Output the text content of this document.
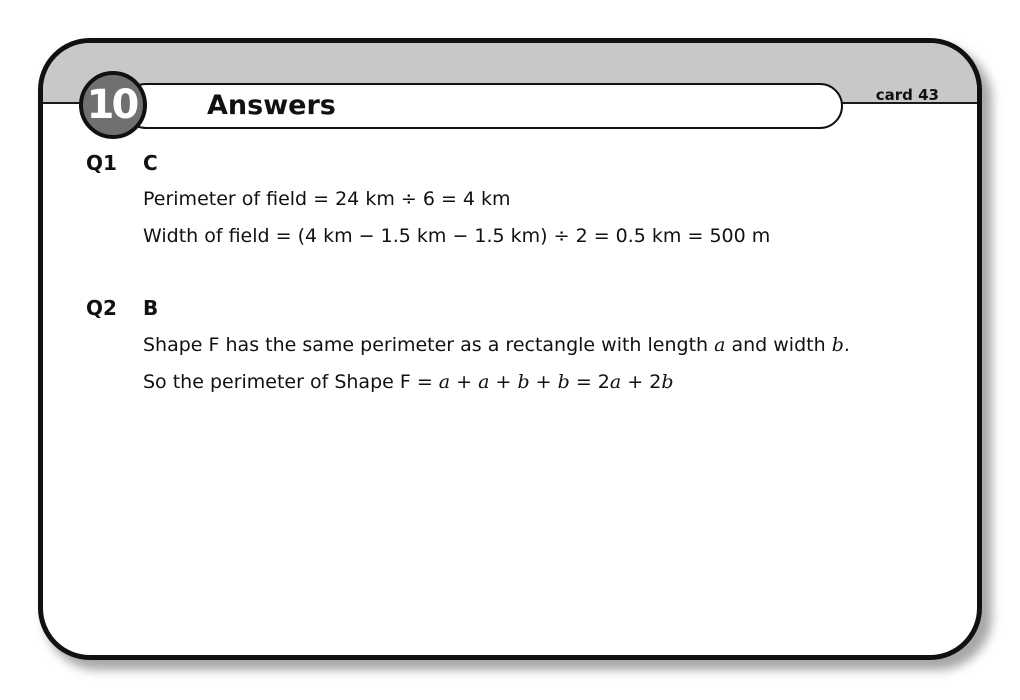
Answers
10	card 43
Q1 C
Perimeter of field = 24 km ÷ 6 = 4 km
Width of field = (4 km − 1.5 km − 1.5 km) ÷ 2 = 0.5 km = 500 m
Q2 B
Shape F has the same perimeter as a rectangle with length a and width b.
So the perimeter of Shape F = a + a + b + b = 2a + 2b
